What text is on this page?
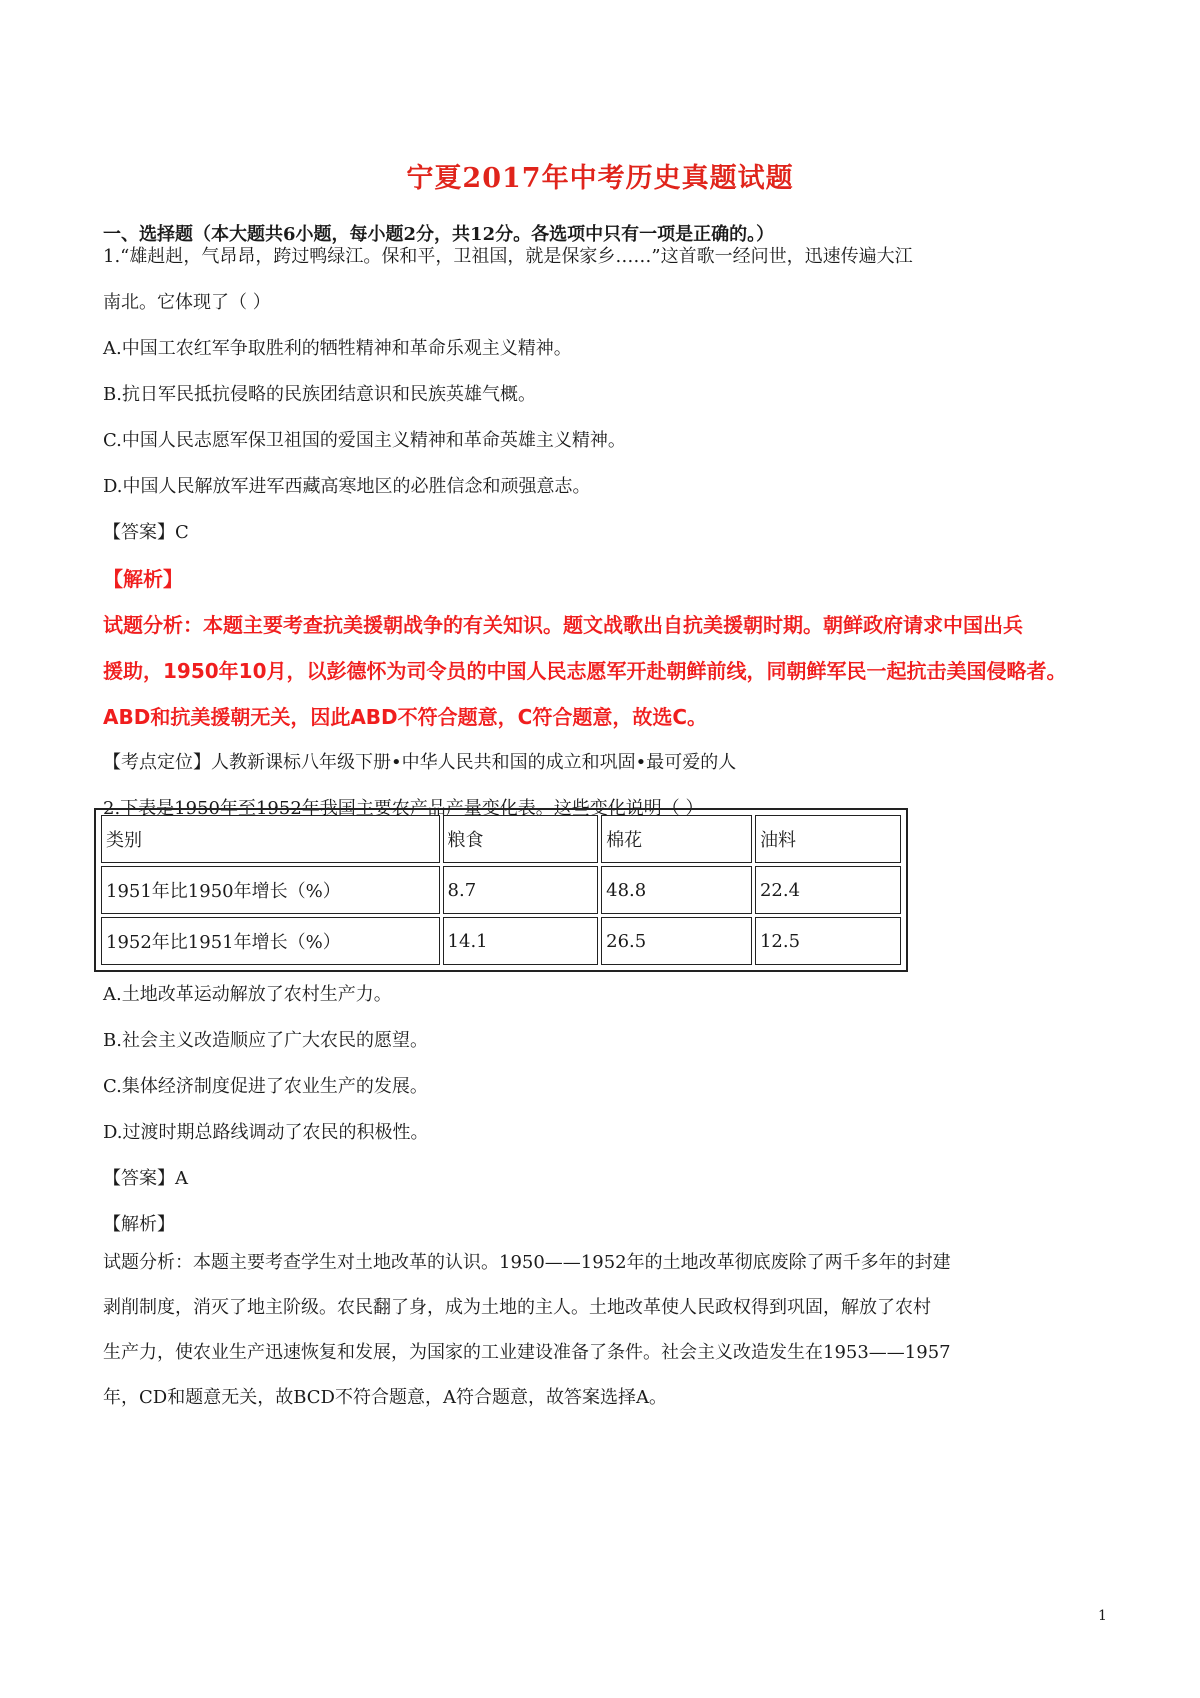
宁夏2017年中考历史真题试题
一、选择题（本大题共6小题，每小题2分，共12分。各选项中只有一项是正确的。）
1.“雄赳赳，气昂昂，跨过鸭绿江。保和平，卫祖国，就是保家乡……”这首歌一经问世，迅速传遍大江
南北。它体现了（ ）
A.中国工农红军争取胜利的牺牲精神和革命乐观主义精神。
B.抗日军民抵抗侵略的民族团结意识和民族英雄气概。
C.中国人民志愿军保卫祖国的爱国主义精神和革命英雄主义精神。
D.中国人民解放军进军西藏高寒地区的必胜信念和顽强意志。
【答案】C
【解析】
试题分析：本题主要考查抗美援朝战争的有关知识。题文战歌出自抗美援朝时期。朝鲜政府请求中国出兵
援助，1950年10月，以彭德怀为司令员的中国人民志愿军开赴朝鲜前线，同朝鲜军民一起抗击美国侵略者。
ABD和抗美援朝无关，因此ABD不符合题意，C符合题意，故选C。
【考点定位】人教新课标八年级下册•中华人民共和国的成立和巩固•最可爱的人
2.下表是1950年至1952年我国主要农产品产量变化表。这些变化说明（ ）
类别	粮食	棉花	油料
1951年比1950年增长（%）	8.7	48.8	22.4
1952年比1951年增长（%）	14.1	26.5	12.5
A.土地改革运动解放了农村生产力。
B.社会主义改造顺应了广大农民的愿望。
C.集体经济制度促进了农业生产的发展。
D.过渡时期总路线调动了农民的积极性。
【答案】A
【解析】
试题分析：本题主要考查学生对土地改革的认识。1950——1952年的土地改革彻底废除了两千多年的封建
剥削制度，消灭了地主阶级。农民翻了身，成为土地的主人。土地改革使人民政权得到巩固，解放了农村
生产力，使农业生产迅速恢复和发展，为国家的工业建设准备了条件。社会主义改造发生在1953——1957
年，CD和题意无关，故BCD不符合题意，A符合题意，故答案选择A。
1
